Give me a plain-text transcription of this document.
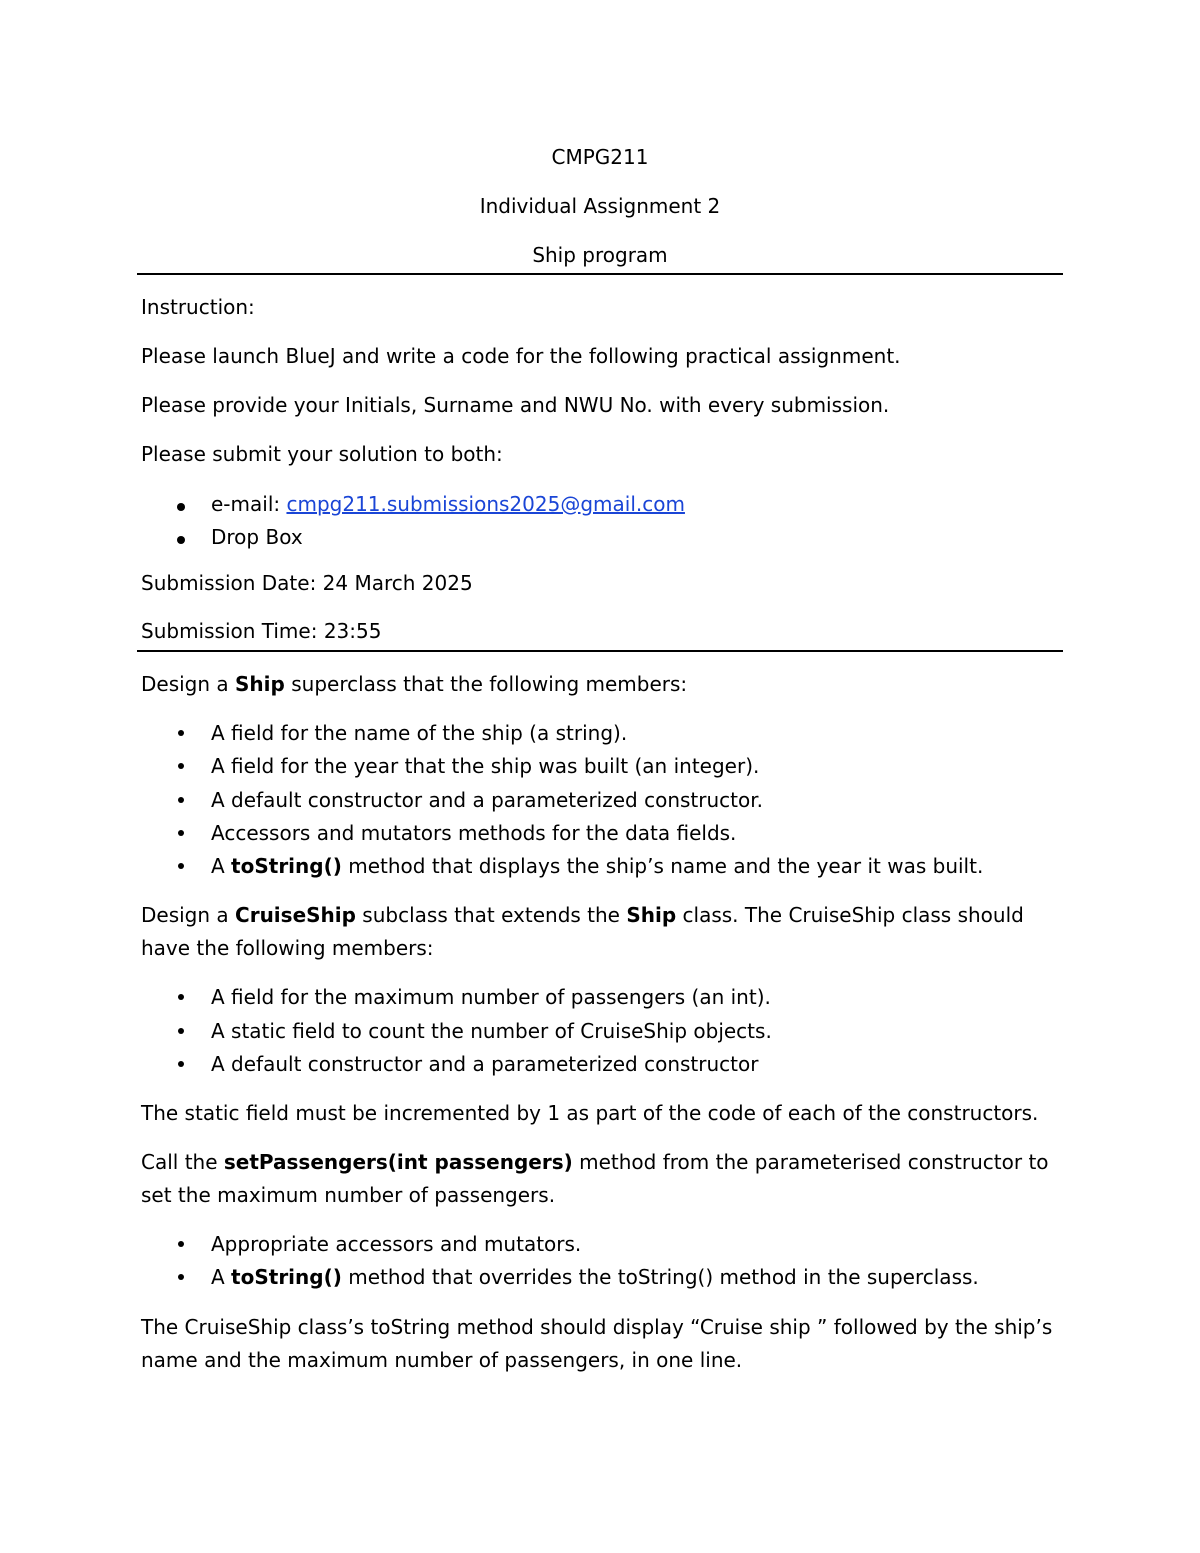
CMPG211

Individual Assignment 2

Ship program

Instruction:

Please launch BlueJ and write a code for the following practical assignment.

Please provide your Initials, Surname and NWU No. with every submission.

Please submit your solution to both:

e-mail: cmpg211.submissions2025@gmail.com

Drop Box

Submission Date: 24 March 2025

Submission Time: 23:55

Design a Ship superclass that the following members:

A field for the name of the ship (a string).

A field for the year that the ship was built (an integer).

A default constructor and a parameterized constructor.

Accessors and mutators methods for the data fields.

A toString() method that displays the ship’s name and the year it was built.

Design a CruiseShip subclass that extends the Ship class. The CruiseShip class should

have the following members:

A field for the maximum number of passengers (an int).

A static field to count the number of CruiseShip objects.

A default constructor and a parameterized constructor

The static field must be incremented by 1 as part of the code of each of the constructors.

Call the setPassengers(int passengers) method from the parameterised constructor to

set the maximum number of passengers.

Appropriate accessors and mutators.

A toString() method that overrides the toString() method in the superclass.

The CruiseShip class’s toString method should display “Cruise ship ” followed by the ship’s

name and the maximum number of passengers, in one line.
